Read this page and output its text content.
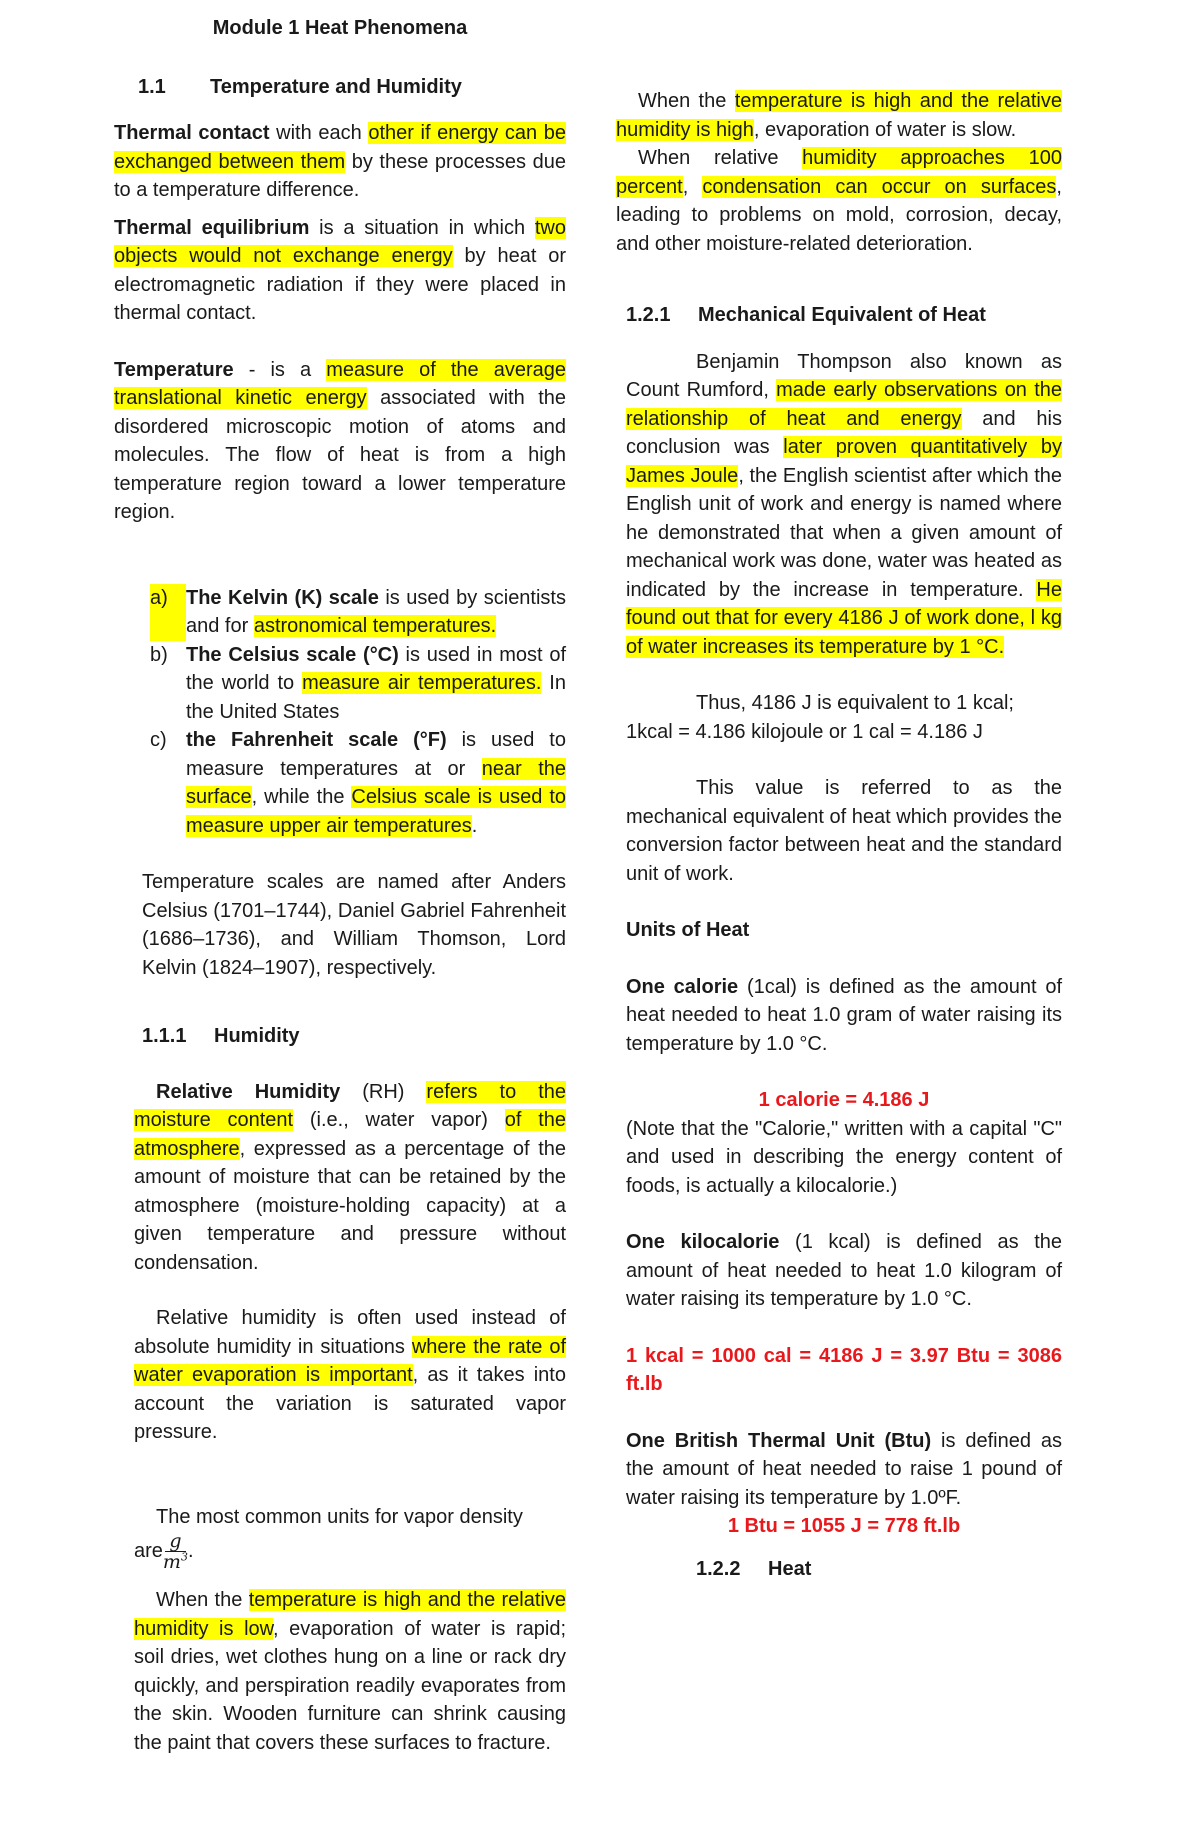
Module 1 Heat Phenomena

1.1	Temperature and Humidity

Thermal contact with each other if energy can be exchanged between them by these processes due to a temperature difference.

Thermal equilibrium is a situation in which two objects would not exchange energy by heat or electromagnetic radiation if they were placed in thermal contact.

Temperature - is a measure of the average translational kinetic energy associated with the disordered microscopic motion of atoms and molecules. The flow of heat is from a high temperature region toward a lower temperature region.

a) The Kelvin (K) scale is used by scientists and for astronomical temperatures.
b) The Celsius scale (°C) is used in most of the world to measure air temperatures. In the United States
c) the Fahrenheit scale (°F) is used to measure temperatures at or near the surface, while the Celsius scale is used to measure upper air temperatures.

Temperature scales are named after Anders Celsius (1701–1744), Daniel Gabriel Fahrenheit (1686–1736), and William Thomson, Lord Kelvin (1824–1907), respectively.

1.1.1	Humidity

Relative Humidity (RH) refers to the moisture content (i.e., water vapor) of the atmosphere, expressed as a percentage of the amount of moisture that can be retained by the atmosphere (moisture-holding capacity) at a given temperature and pressure without condensation.

Relative humidity is often used instead of absolute humidity in situations where the rate of water evaporation is important, as it takes into account the variation is saturated vapor pressure.

The most common units for vapor density

are $\frac{g}{m^3}$ .

When the temperature is high and the relative humidity is low, evaporation of water is rapid; soil dries, wet clothes hung on a line or rack dry quickly, and perspiration readily evaporates from the skin. Wooden furniture can shrink causing the paint that covers these surfaces to fracture.

When the temperature is high and the relative humidity is high, evaporation of water is slow.

When relative humidity approaches 100 percent, condensation can occur on surfaces, leading to problems on mold, corrosion, decay, and other moisture-related deterioration.

1.2.1	Mechanical Equivalent of Heat

Benjamin Thompson also known as Count Rumford, made early observations on the relationship of heat and energy and his conclusion was later proven quantitatively by James Joule, the English scientist after which the English unit of work and energy is named where he demonstrated that when a given amount of mechanical work was done, water was heated as indicated by the increase in temperature. He found out that for every 4186 J of work done, l kg of water increases its temperature by 1 °C.

Thus, 4186 J is equivalent to 1 kcal;

1kcal = 4.186 kilojoule or 1 cal = 4.186 J

This value is referred to as the mechanical equivalent of heat which provides the conversion factor between heat and the standard unit of work.

Units of Heat

One calorie (1cal) is defined as the amount of heat needed to heat 1.0 gram of water raising its temperature by 1.0 °C.

1 calorie = 4.186 J

(Note that the "Calorie," written with a capital "C" and used in describing the energy content of foods, is actually a kilocalorie.)

One kilocalorie (1 kcal) is defined as the amount of heat needed to heat 1.0 kilogram of water raising its temperature by 1.0 °C.

1 kcal = 1000 cal = 4186 J = 3.97 Btu = 3086 ft.lb

One British Thermal Unit (Btu) is defined as the amount of heat needed to raise 1 pound of water raising its temperature by 1.0ºF.

1 Btu = 1055 J = 778 ft.lb

1.2.2	Heat
